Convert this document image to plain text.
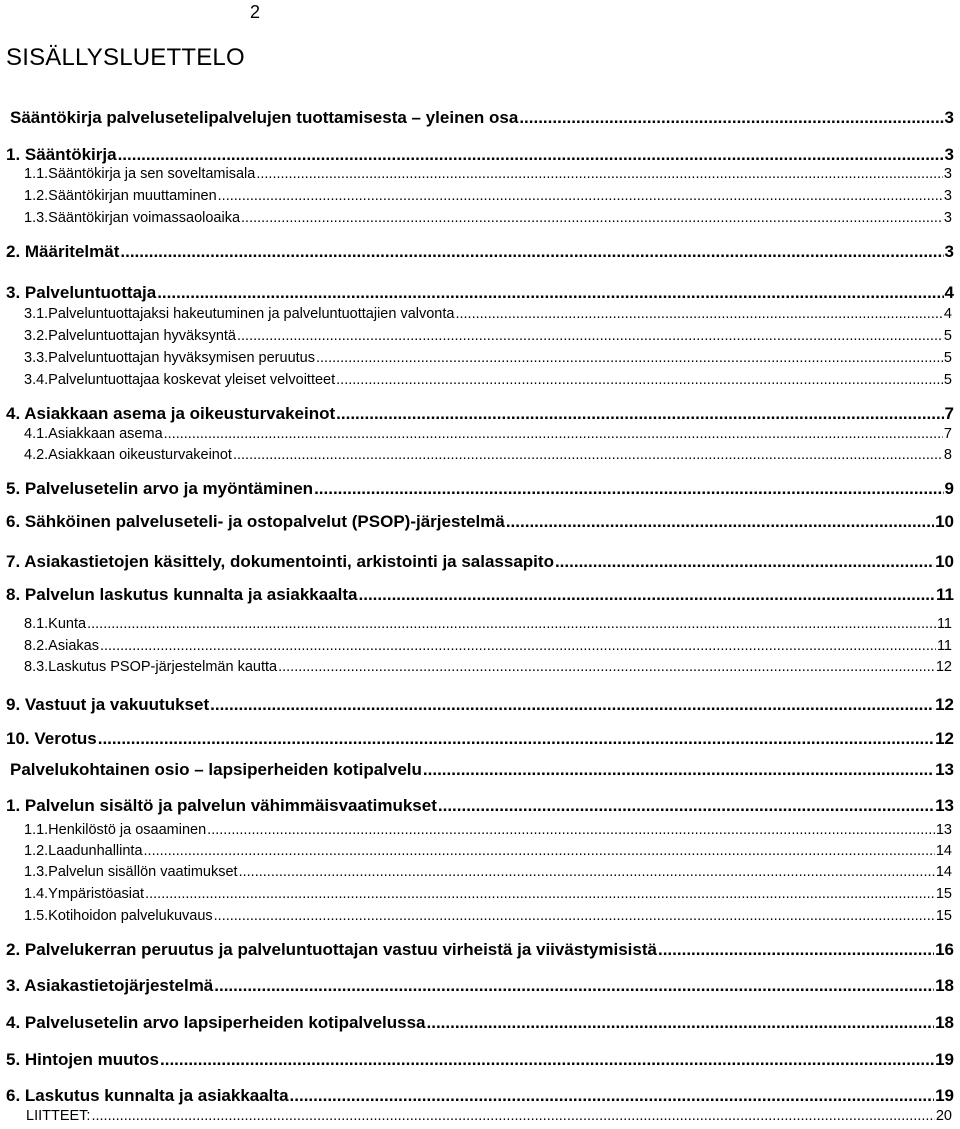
2
SISÄLLYSLUETTELO
Sääntökirja palvelusetelipalvelujen tuottamisesta – yleinen osa .....	3
1. Sääntökirja .....	3
1.1.Sääntökirja ja sen soveltamisala .....	3
1.2.Sääntökirjan muuttaminen .....	3
1.3.Sääntökirjan voimassaoloaika .....	3
2. Määritelmät .....	3
3. Palveluntuottaja .....	4
3.1.Palveluntuottajaksi hakeutuminen ja palveluntuottajien valvonta .....	4
3.2.Palveluntuottajan hyväksyntä .....	5
3.3.Palveluntuottajan hyväksymisen peruutus .....	5
3.4.Palveluntuottajaa koskevat yleiset velvoitteet .....	5
4. Asiakkaan asema ja oikeusturvakeinot .....	7
4.1.Asiakkaan asema .....	7
4.2.Asiakkaan oikeusturvakeinot .....	8
5. Palvelusetelin arvo ja myöntäminen .....	9
6. Sähköinen palveluseteli- ja ostopalvelut (PSOP)-järjestelmä .....	10
7. Asiakastietojen käsittely, dokumentointi, arkistointi ja salassapito .....	10
8. Palvelun laskutus kunnalta ja asiakkaalta .....	11
8.1.Kunta .....	11
8.2.Asiakas .....	11
8.3.Laskutus PSOP-järjestelmän kautta .....	12
9. Vastuut ja vakuutukset .....	12
10. Verotus .....	12
Palvelukohtainen osio – lapsiperheiden kotipalvelu .....	13
1. Palvelun sisältö ja palvelun vähimmäisvaatimukset .....	13
1.1.Henkilöstö ja osaaminen .....	13
1.2.Laadunhallinta .....	14
1.3.Palvelun sisällön vaatimukset .....	14
1.4.Ympäristöasiat .....	15
1.5.Kotihoidon palvelukuvaus .....	15
2. Palvelukerran peruutus ja palveluntuottajan vastuu virheistä ja viivästymisistä .....	16
3. Asiakastietojärjestelmä .....	18
4. Palvelusetelin arvo lapsiperheiden kotipalvelussa .....	18
5. Hintojen muutos .....	19
6. Laskutus kunnalta ja asiakkaalta .....	19
LIITTEET: .....	20
